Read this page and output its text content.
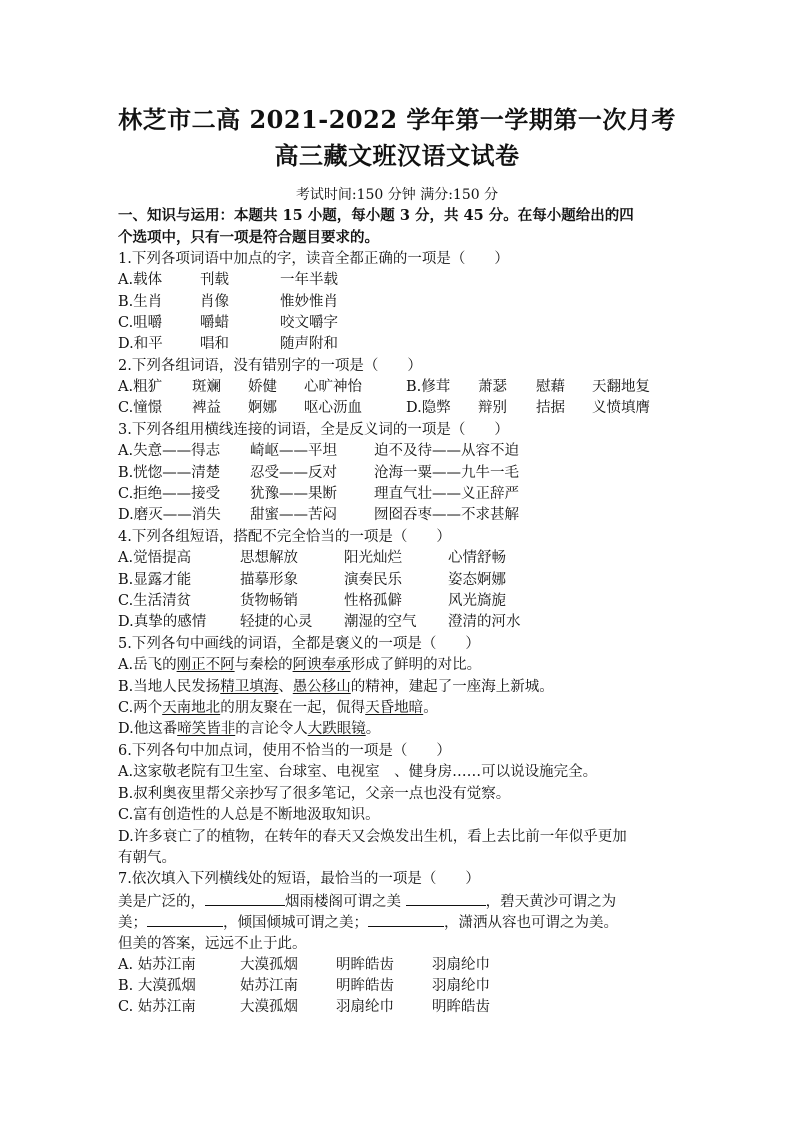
林芝市二高 2021-2022 学年第一学期第一次月考
高三藏文班汉语文试卷
考试时间:150 分钟 满分:150 分
一、知识与运用：本题共 15 小题，每小题 3 分，共 45 分。在每小题给出的四
个选项中，只有一项是符合题目要求的。
1.下列各项词语中加点的字，读音全都正确的一项是（　　）
A.载体	刊载	一年半载
B.生肖	肖像	惟妙惟肖
C.咀嚼	嚼蜡	咬文嚼字
D.和平	唱和	随声附和
2.下列各组词语，没有错别字的一项是（　　）
A.粗犷 斑斓 娇健 心旷神怡	B.修茸 萧瑟 慰藉 天翻地复
C.憧憬 裨益 婀娜 呕心沥血	D.隐弊 辩别 拮据 义愤填膺
3.下列各组用横线连接的词语，全是反义词的一项是（　　）
A.失意——得志 崎岖——平坦	迫不及待——从容不迫
B.恍惚——清楚 忍受——反对	沧海一粟——九牛一毛
C.拒绝——接受 犹豫——果断	理直气壮——义正辞严
D.磨灭——消失 甜蜜——苦闷	囫囵吞枣——不求甚解
4.下列各组短语，搭配不完全恰当的一项是（　　）
A.觉悟提高	思想解放	阳光灿烂	心情舒畅
B.显露才能	描摹形象	演奏民乐	姿态婀娜
C.生活清贫	货物畅销	性格孤僻	风光旖旎
D.真挚的感情 轻捷的心灵 潮湿的空气 澄清的河水
5.下列各句中画线的词语，全都是褒义的一项是（　　）
A.岳飞的刚正不阿与秦桧的阿谀奉承形成了鲜明的对比。
B.当地人民发扬精卫填海、愚公移山的精神，建起了一座海上新城。
C.两个天南地北的朋友聚在一起，侃得天昏地暗。
D.他这番啼笑皆非的言论令人大跌眼镜。
6.下列各句中加点词，使用不恰当的一项是（　　）
A.这家敬老院有卫生室、台球室、电视室　、健身房……可以说设施完全。
B.叔利奥夜里帮父亲抄写了很多笔记，父亲一点也没有觉察。
C.富有创造性的人总是不断地汲取知识。
D.许多衰亡了的植物，在转年的春天又会焕发出生机，看上去比前一年似乎更加
有朝气。
7.依次填入下列横线处的短语，最恰当的一项是（　　）
美是广泛的，	烟雨楼阁可谓之美	，碧天黄沙可谓之为
美；	，倾国倾城可谓之美；	，潇洒从容也可谓之为美。
但美的答案，远远不止于此。
A. 姑苏江南	大漠孤烟	明眸皓齿	羽扇纶巾
B. 大漠孤烟	姑苏江南	明眸皓齿	羽扇纶巾
C. 姑苏江南	大漠孤烟	羽扇纶巾	明眸皓齿
